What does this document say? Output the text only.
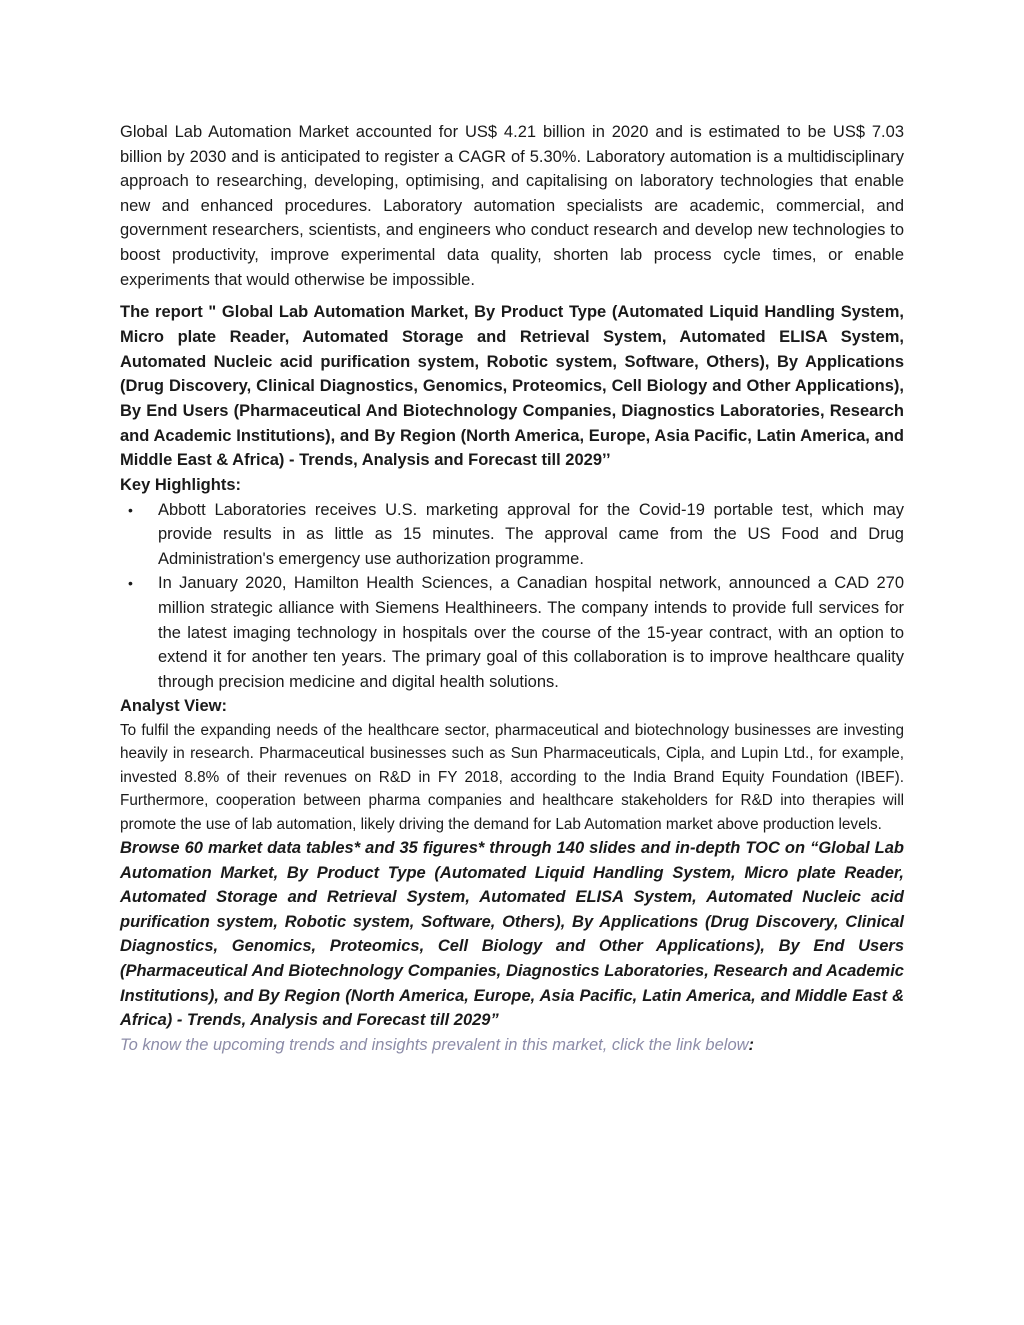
Global Lab Automation Market accounted for US$ 4.21 billion in 2020 and is estimated to be US$ 7.03 billion by 2030 and is anticipated to register a CAGR of 5.30%. Laboratory automation is a multidisciplinary approach to researching, developing, optimising, and capitalising on laboratory technologies that enable new and enhanced procedures. Laboratory automation specialists are academic, commercial, and government researchers, scientists, and engineers who conduct research and develop new technologies to boost productivity, improve experimental data quality, shorten lab process cycle times, or enable experiments that would otherwise be impossible.

The report " Global Lab Automation Market, By Product Type (Automated Liquid Handling System, Micro plate Reader, Automated Storage and Retrieval System, Automated ELISA System, Automated Nucleic acid purification system, Robotic system, Software, Others), By Applications (Drug Discovery, Clinical Diagnostics, Genomics, Proteomics, Cell Biology and Other Applications), By End Users (Pharmaceutical And Biotechnology Companies, Diagnostics Laboratories, Research and Academic Institutions), and By Region (North America, Europe, Asia Pacific, Latin America, and Middle East & Africa) - Trends, Analysis and Forecast till 2029’’

Key Highlights:
• Abbott Laboratories receives U.S. marketing approval for the Covid-19 portable test, which may provide results in as little as 15 minutes. The approval came from the US Food and Drug Administration's emergency use authorization programme.
• In January 2020, Hamilton Health Sciences, a Canadian hospital network, announced a CAD 270 million strategic alliance with Siemens Healthineers. The company intends to provide full services for the latest imaging technology in hospitals over the course of the 15-year contract, with an option to extend it for another ten years. The primary goal of this collaboration is to improve healthcare quality through precision medicine and digital health solutions.
Analyst View:

To fulfil the expanding needs of the healthcare sector, pharmaceutical and biotechnology businesses are investing heavily in research. Pharmaceutical businesses such as Sun Pharmaceuticals, Cipla, and Lupin Ltd., for example, invested 8.8% of their revenues on R&D in FY 2018, according to the India Brand Equity Foundation (IBEF). Furthermore, cooperation between pharma companies and healthcare stakeholders for R&D into therapies will promote the use of lab automation, likely driving the demand for Lab Automation market above production levels.

Browse 60 market data tables* and 35 figures* through 140 slides and in-depth TOC on “Global Lab Automation Market, By Product Type (Automated Liquid Handling System, Micro plate Reader, Automated Storage and Retrieval System, Automated ELISA System, Automated Nucleic acid purification system, Robotic system, Software, Others), By Applications (Drug Discovery, Clinical Diagnostics, Genomics, Proteomics, Cell Biology and Other Applications), By End Users (Pharmaceutical And Biotechnology Companies, Diagnostics Laboratories, Research and Academic Institutions), and By Region (North America, Europe, Asia Pacific, Latin America, and Middle East & Africa) - Trends, Analysis and Forecast till 2029”

To know the upcoming trends and insights prevalent in this market, click the link below:
